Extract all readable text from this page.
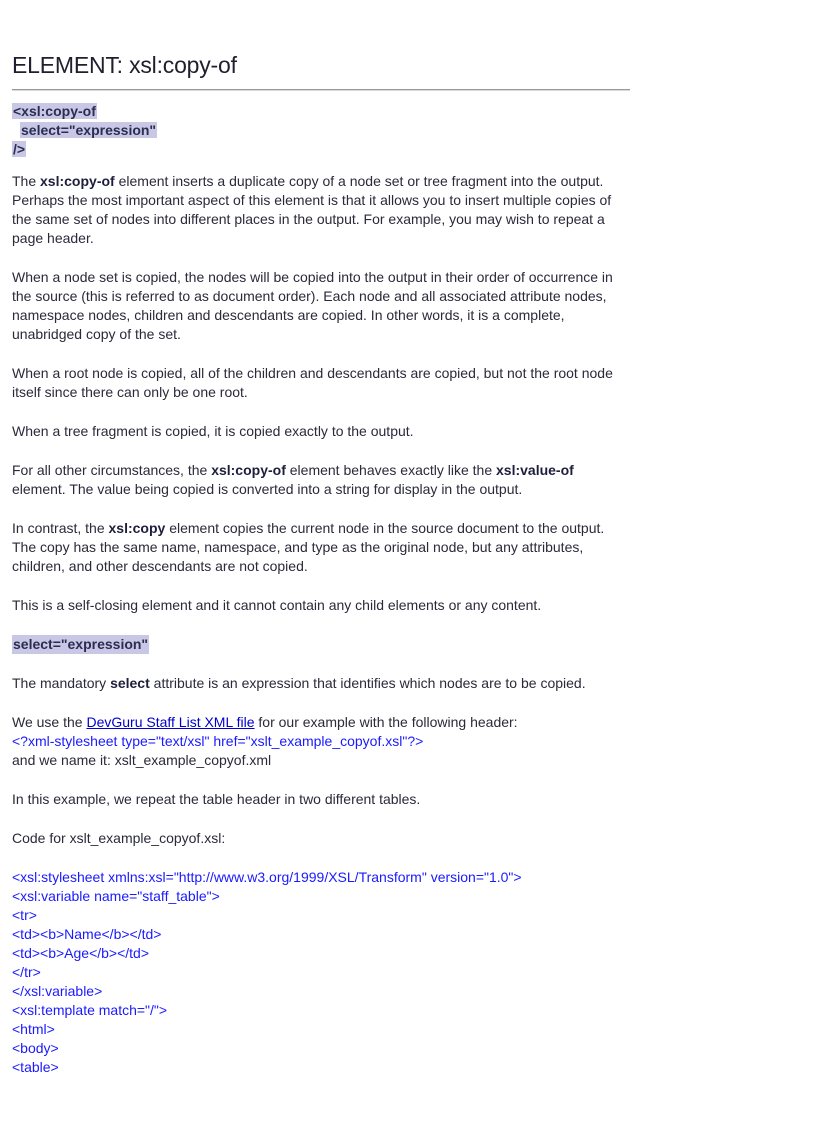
ELEMENT: xsl:copy-of
<xsl:copy-of
select="expression"
/>

The xsl:copy-of element inserts a duplicate copy of a node set or tree fragment into the output. Perhaps the most important aspect of this element is that it allows you to insert multiple copies of the same set of nodes into different places in the output. For example, you may wish to repeat a page header.

When a node set is copied, the nodes will be copied into the output in their order of occurrence in the source (this is referred to as document order). Each node and all associated attribute nodes, namespace nodes, children and descendants are copied. In other words, it is a complete, unabridged copy of the set.

When a root node is copied, all of the children and descendants are copied, but not the root node itself since there can only be one root.

When a tree fragment is copied, it is copied exactly to the output.

For all other circumstances, the xsl:copy-of element behaves exactly like the xsl:value-of element. The value being copied is converted into a string for display in the output.

In contrast, the xsl:copy element copies the current node in the source document to the output. The copy has the same name, namespace, and type as the original node, but any attributes, children, and other descendants are not copied.

This is a self-closing element and it cannot contain any child elements or any content.

select="expression"

The mandatory select attribute is an expression that identifies which nodes are to be copied.

We use the DevGuru Staff List XML file for our example with the following header:

<?xml-stylesheet type="text/xsl" href="xslt_example_copyof.xsl"?>

and we name it: xslt_example_copyof.xml

In this example, we repeat the table header in two different tables.

Code for xslt_example_copyof.xsl:

<xsl:stylesheet xmlns:xsl="http://www.w3.org/1999/XSL/Transform" version="1.0">
<xsl:variable name="staff_table">
<tr>
<td><b>Name</b></td>
<td><b>Age</b></td>
</tr>
</xsl:variable>
<xsl:template match="/">
<html>
<body>
<table>
